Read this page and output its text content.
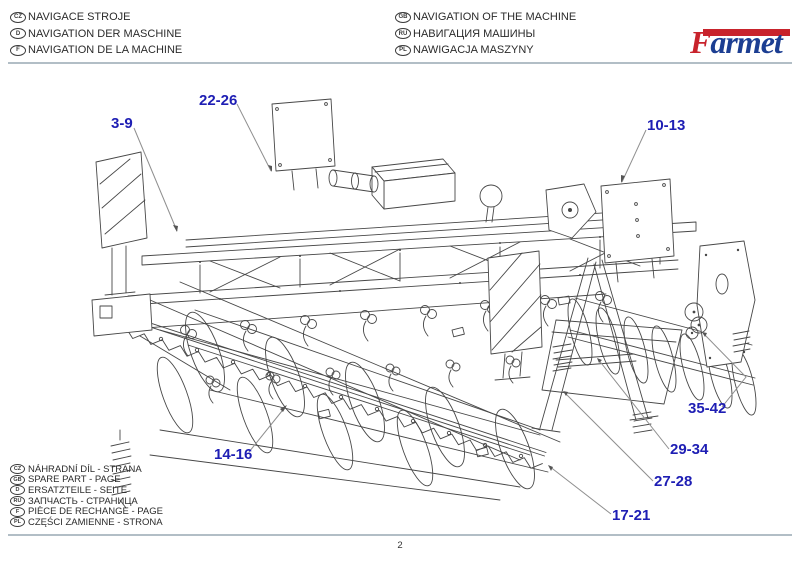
CZ NAVIGACE STROJE
D NAVIGATION DER MASCHINE
F NAVIGATION DE LA MACHINE
GB NAVIGATION OF THE MACHINE
RU НАВИГАЦИЯ МАШИНЫ
PL NAWIGACJA MASZYNY	Farmet
3-9
22-26
10-13
14-16
17-21
27-28
29-34
35-42
CZ NÁHRADNÍ DÍL - STRANA
GB SPARE PART - PAGE
D ERSATZTEILE - SEITE
RU ЗАПЧАСТЬ - СТРАНИЦА
F PIÈCE DE RECHANGE - PAGE
PL CZĘŚCI ZAMIENNE - STRONA
2
